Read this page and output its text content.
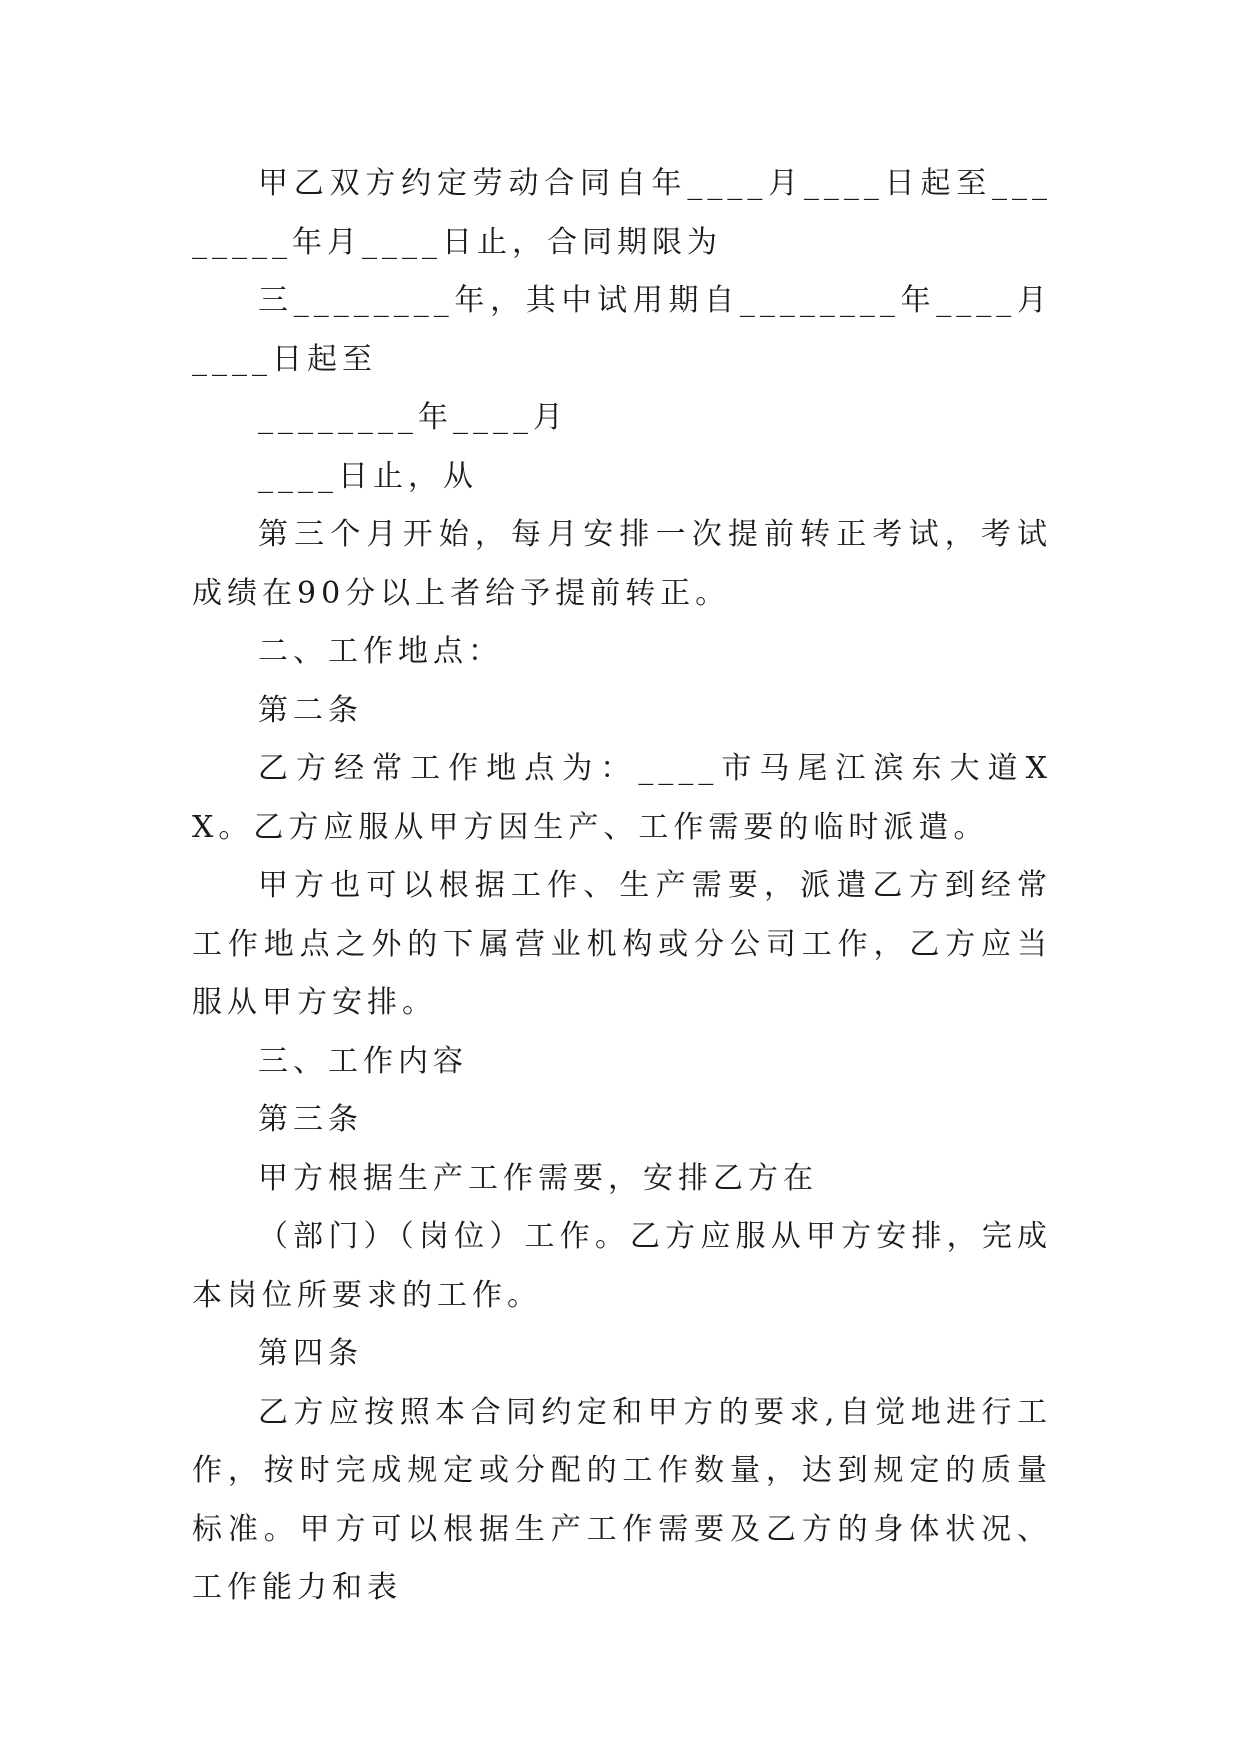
甲乙双方约定劳动合同自年____月____日起至________年月____日止，合同期限为

三________年，其中试用期自________年____月____日起至

________年____月

____日止，从

第三个月开始，每月安排一次提前转正考试，考试成绩在90分以上者给予提前转正。

二、工作地点：

第二条

乙方经常工作地点为：____市马尾江滨东大道XX。乙方应服从甲方因生产、工作需要的临时派遣。

甲方也可以根据工作、生产需要，派遣乙方到经常工作地点之外的下属营业机构或分公司工作，乙方应当服从甲方安排。

三、工作内容

第三条

甲方根据生产工作需要，安排乙方在

（部门）（岗位）工作。乙方应服从甲方安排，完成本岗位所要求的工作。

第四条

乙方应按照本合同约定和甲方的要求,自觉地进行工作，按时完成规定或分配的工作数量，达到规定的质量标准。甲方可以根据生产工作需要及乙方的身体状况、工作能力和表
